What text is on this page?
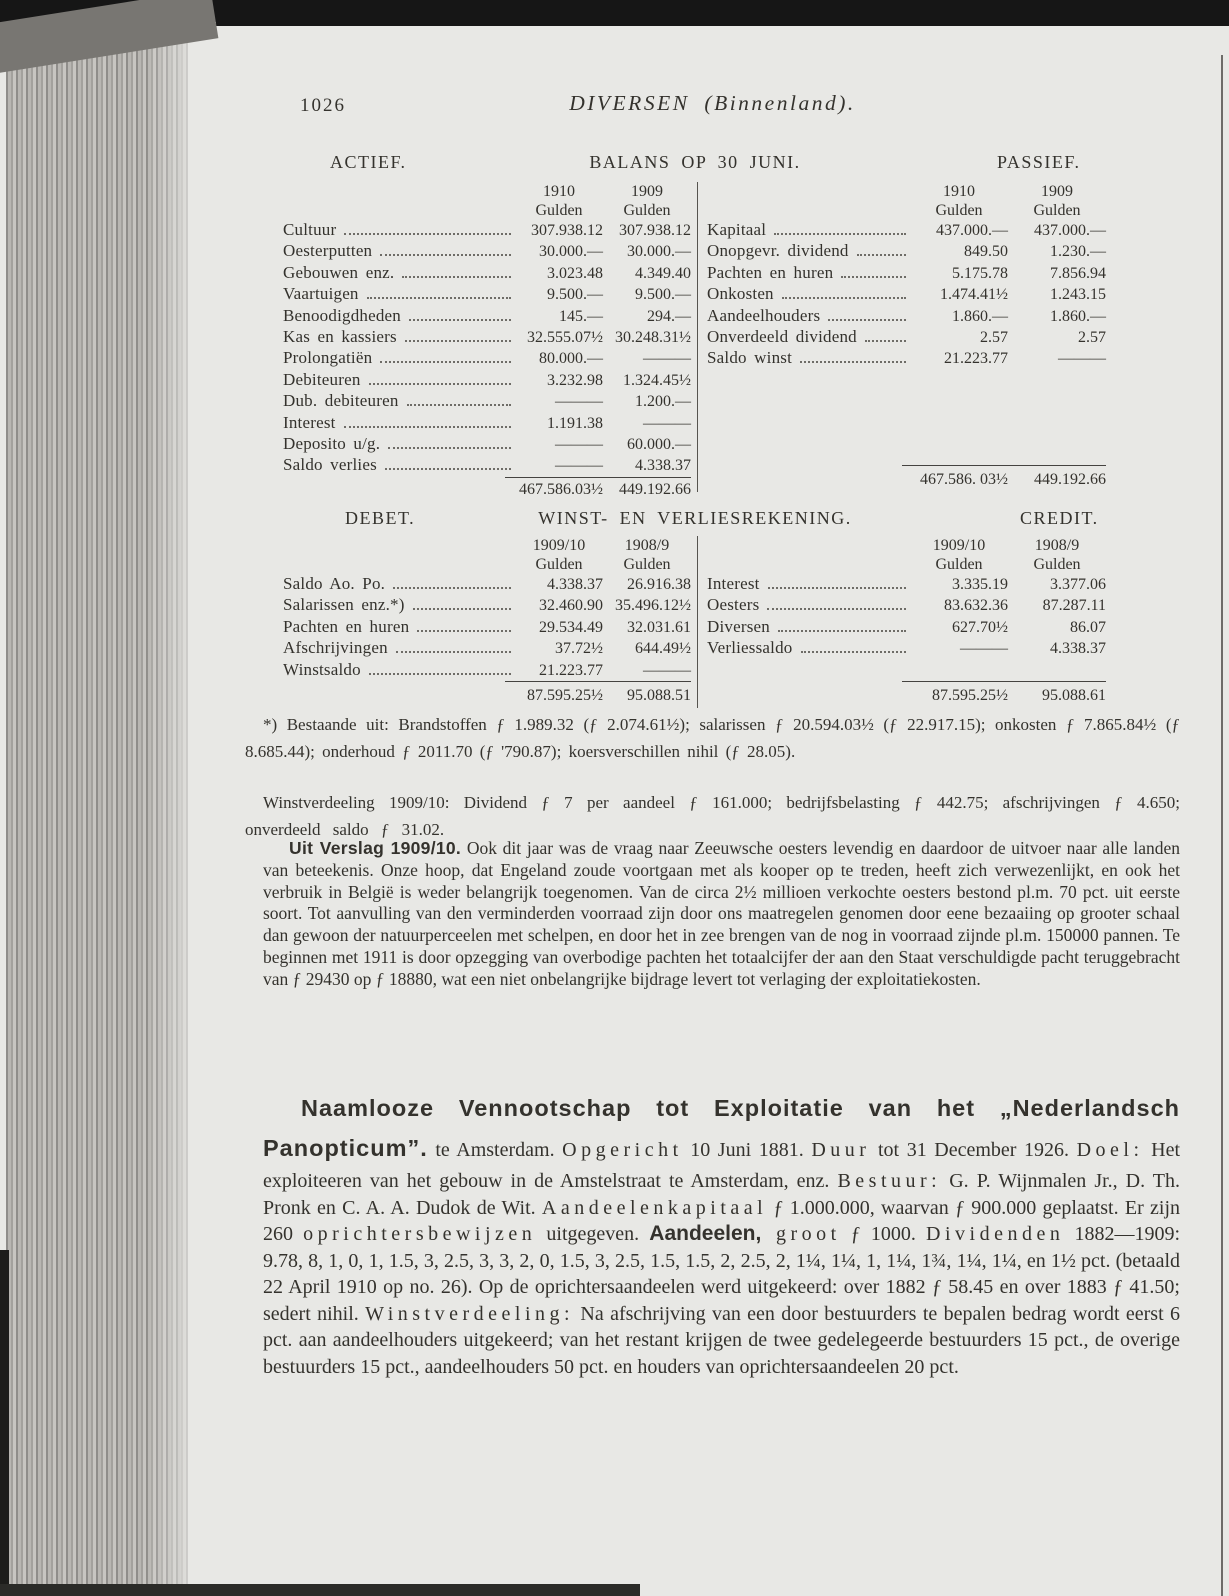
1026	DIVERSEN (Binnenland).
ACTIEF.	BALANS OP 30 JUNI.	PASSIEF.
1910	1909
Gulden	Gulden
Cultuur	307.938.12	307.938.12
Oesterputten	30.000.—	30.000.—
Gebouwen enz.	3.023.48	4.349.40
Vaartuigen	9.500.—	9.500.—
Benoodigdheden	145.—	294.—
Kas en kassiers	32.555.07½ 30.248.31½
Prolongatiën	80.000.—	———
Debiteuren	3.232.98	1.324.45½
Dub. debiteuren	———	1.200.—
Interest	1.191.38	———
Deposito u/g.	———	60.000.—
Saldo verlies	———	4.338.37
467.586.03½	449.192.66
1910	1909
Gulden	Gulden
Kapitaal	437.000.—	437.000.—
Onopgevr. dividend	849.50	1.230.—
Pachten en huren	5.175.78	7.856.94
Onkosten	1.474.41½	1.243.15
Aandeelhouders	1.860.—	1.860.—
Onverdeeld dividend	2.57	2.57
Saldo winst	21.223.77	———
467.586. 03½	449.192.66
DEBET.	WINST- EN VERLIESREKENING.	CREDIT.
1909/10	1908/9
Gulden	Gulden
Saldo Ao. Po.	4.338.37	26.916.38
Salarissen enz.*)	32.460.90 35.496.12½
Pachten en huren	29.534.49	32.031.61
Afschrijvingen	37.72½	644.49½
Winstsaldo	21.223.77	———
87.595.25½	95.088.51
1909/10	1908/9
Gulden	Gulden
Interest	3.335.19	3.377.06
Oesters	83.632.36	87.287.11
Diversen	627.70½	86.07
Verliessaldo	———	4.338.37
87.595.25½	95.088.61
*) Bestaande uit: Brandstoffen ƒ 1.989.32 (ƒ 2.074.61½); salarissen ƒ 20.594.03½ (ƒ 22.917.15); onkosten ƒ 7.865.84½ (ƒ 8.685.44); onderhoud ƒ 2011.70 (ƒ '790.87); koersverschillen nihil (ƒ 28.05).
Winstverdeeling 1909/10: Dividend ƒ 7 per aandeel ƒ 161.000; bedrijfsbelasting ƒ 442.75; afschrijvingen ƒ 4.650; onverdeeld saldo ƒ 31.02.
Uit Verslag 1909/10. Ook dit jaar was de vraag naar Zeeuwsche oesters levendig en daardoor de uitvoer naar alle landen van beteekenis. Onze hoop, dat Engeland zoude voortgaan met als kooper op te treden, heeft zich verwezenlijkt, en ook het verbruik in België is weder belangrijk toegenomen. Van de circa 2½ millioen verkochte oesters bestond pl.m. 70 pct. uit eerste soort. Tot aanvulling van den verminderden voorraad zijn door ons maatregelen genomen door eene bezaaiing op grooter schaal dan gewoon der natuurperceelen met schelpen, en door het in zee brengen van de nog in voorraad zijnde pl.m. 150000 pannen. Te beginnen met 1911 is door opzegging van overbodige pachten het totaalcijfer der aan den Staat verschuldigde pacht teruggebracht van ƒ 29430 op ƒ 18880, wat een niet onbelangrijke bijdrage levert tot verlaging der exploitatiekosten.
Naamlooze Vennootschap tot Exploitatie van het „Nederlandsch Panopticum”. te Amsterdam. Opgericht 10 Juni 1881. Duur tot 31 December 1926. Doel: Het exploiteeren van het gebouw in de Amstelstraat te Amsterdam, enz. Bestuur: G. P. Wijnmalen Jr., D. Th. Pronk en C. A. A. Dudok de Wit. Aandeelenkapitaal ƒ 1.000.000, waarvan ƒ 900.000 geplaatst. Er zijn 260 oprichtersbewijzen uitgegeven. Aandeelen, groot ƒ 1000. Dividenden 1882—1909: 9.78, 8, 1, 0, 1, 1.5, 3, 2.5, 3, 3, 2, 0, 1.5, 3, 2.5, 1.5, 1.5, 2, 2.5, 2, 1¼, 1¼, 1, 1¼, 1¾, 1¼, 1¼, en 1½ pct. (betaald 22 April 1910 op no. 26). Op de oprichtersaandeelen werd uitgekeerd: over 1882 ƒ 58.45 en over 1883 ƒ 41.50; sedert nihil. Winstverdeeling: Na afschrijving van een door bestuurders te bepalen bedrag wordt eerst 6 pct. aan aandeelhouders uitgekeerd; van het restant krijgen de twee gedelegeerde bestuurders 15 pct., de overige bestuurders 15 pct., aandeelhouders 50 pct. en houders van oprichtersaandeelen 20 pct.
